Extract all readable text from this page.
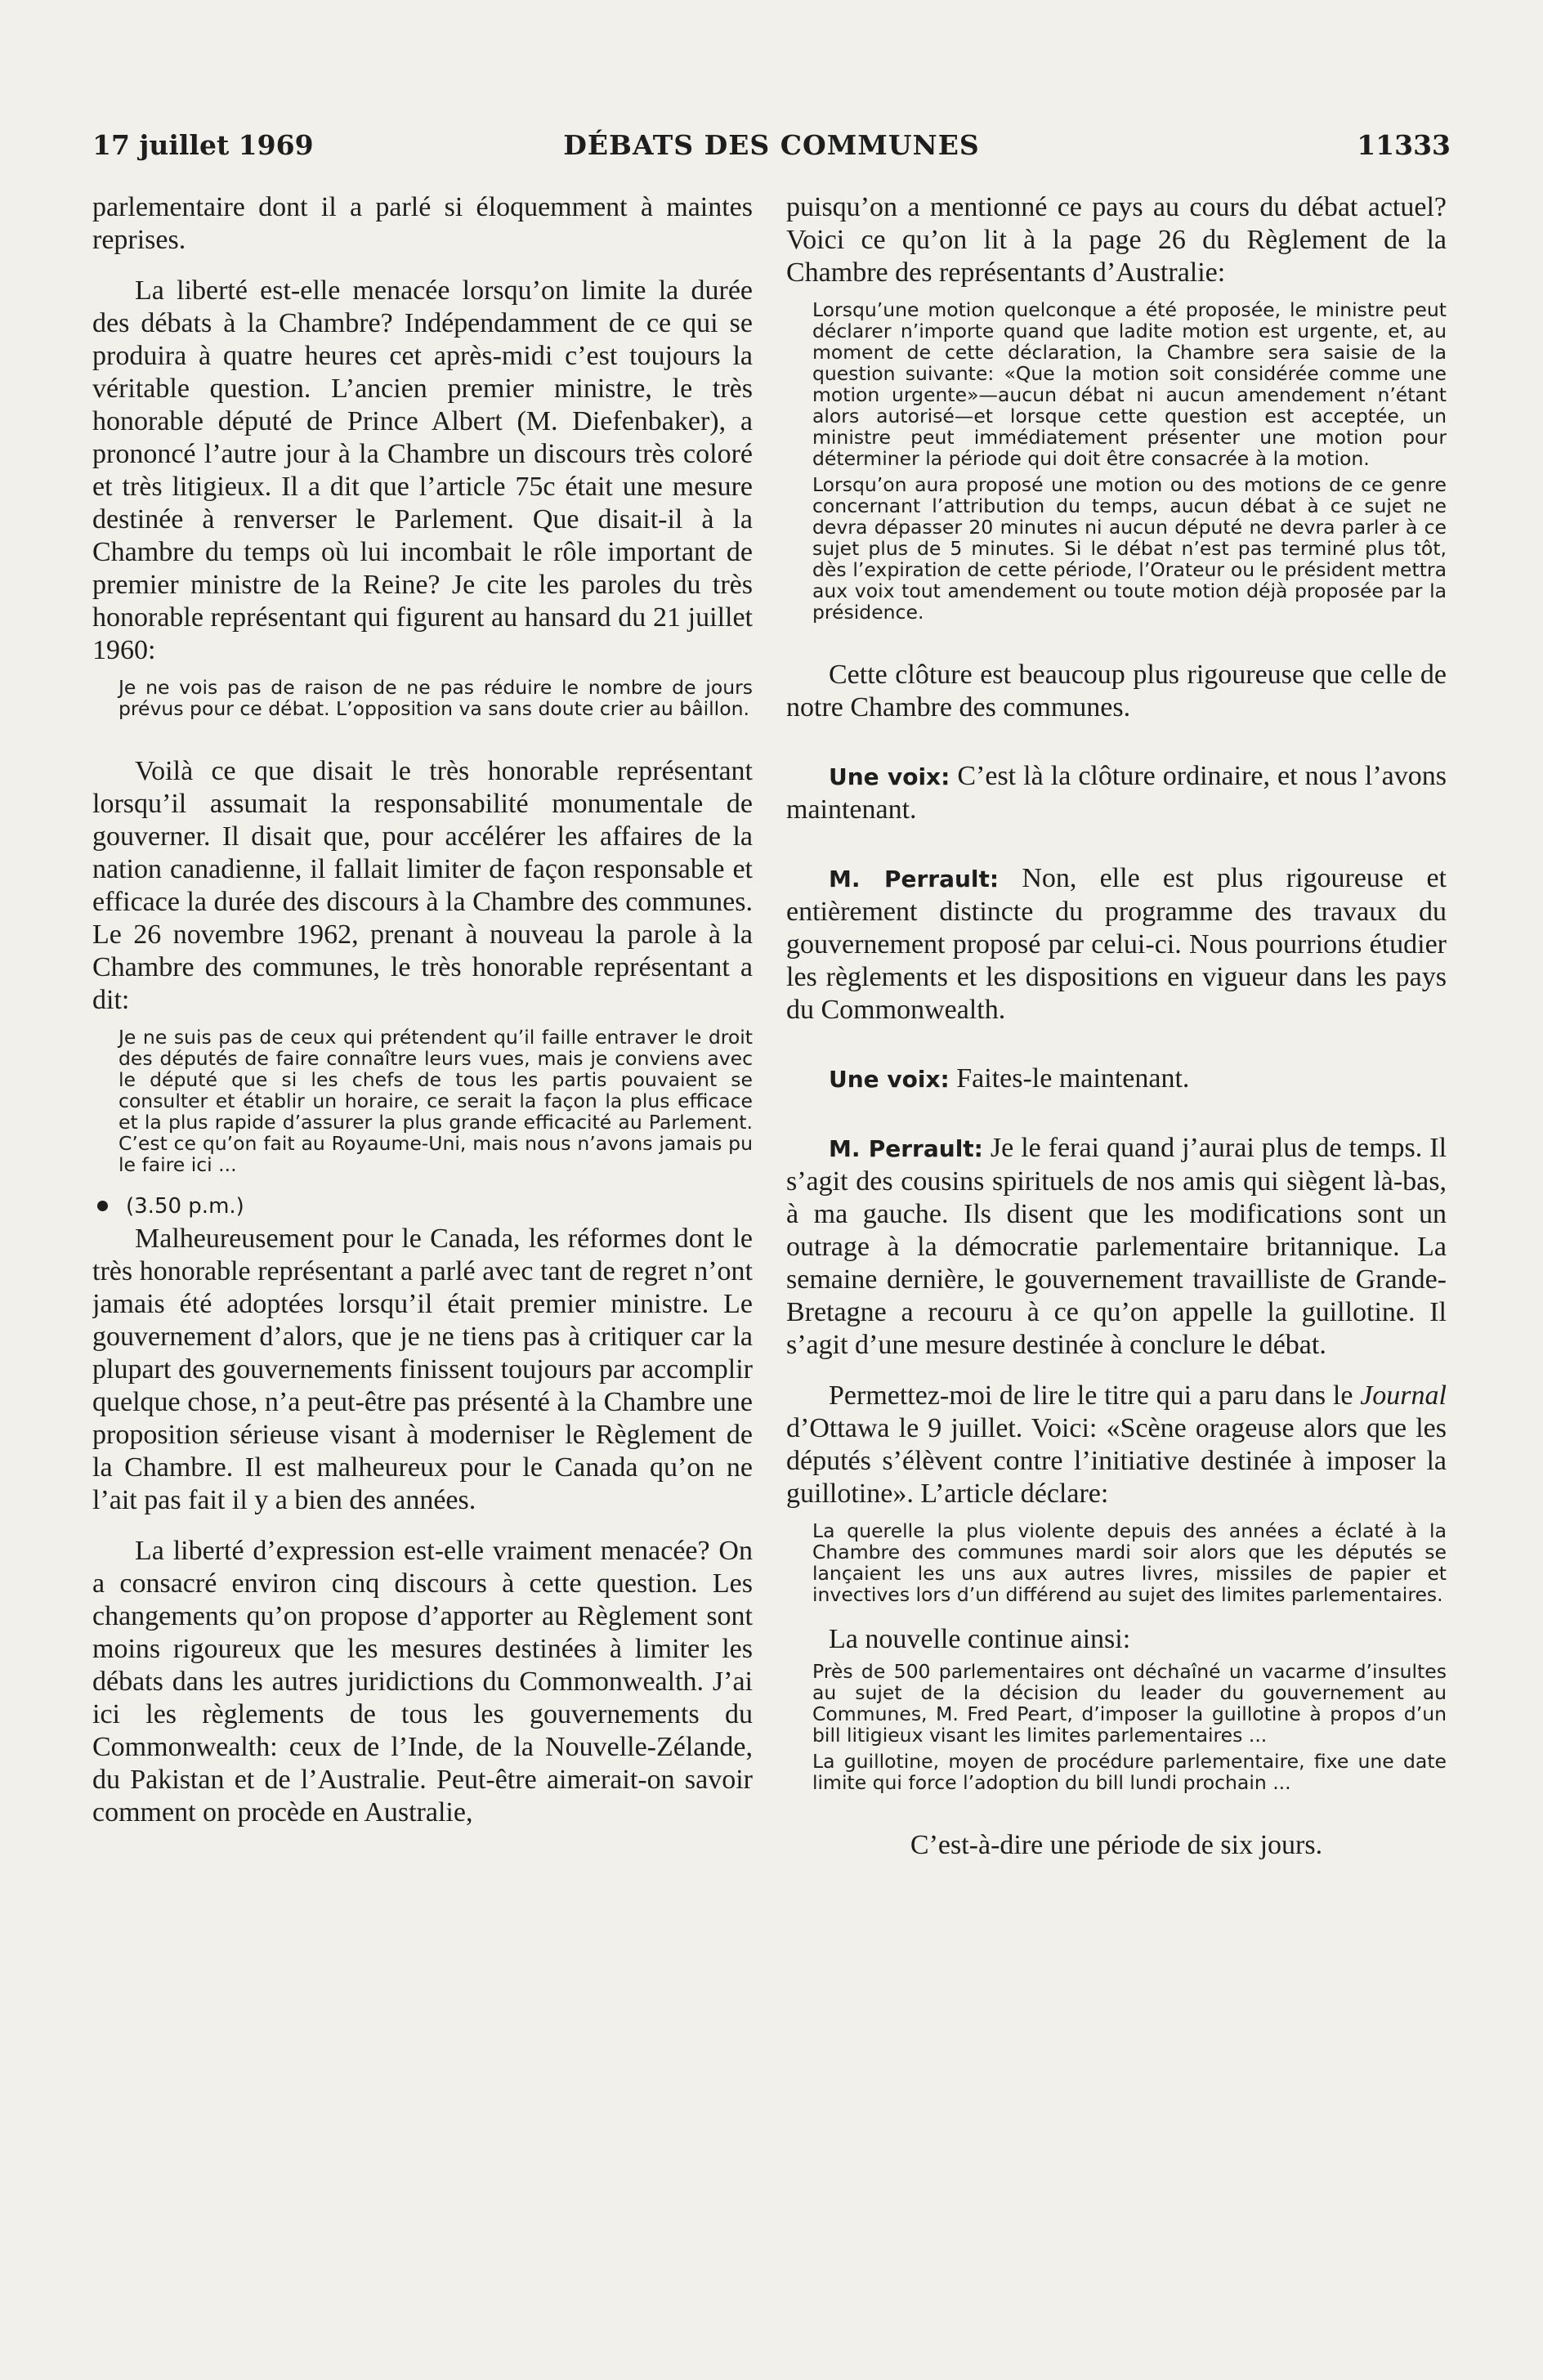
17 juillet 1969	DÉBATS DES COMMUNES	11333

parlementaire dont il a parlé si éloquemment à maintes reprises.

La liberté est-elle menacée lorsqu’on limite la durée des débats à la Chambre? Indépendamment de ce qui se produira à quatre heures cet après-midi c’est toujours la véritable question. L’ancien premier ministre, le très honorable député de Prince Albert (M. Diefenbaker), a prononcé l’autre jour à la Chambre un discours très coloré et très litigieux. Il a dit que l’article 75c était une mesure destinée à renverser le Parlement. Que disait-il à la Chambre du temps où lui incombait le rôle important de premier ministre de la Reine? Je cite les paroles du très honorable représentant qui figurent au hansard du 21 juillet 1960:

Je ne vois pas de raison de ne pas réduire le nombre de jours prévus pour ce débat. L’opposition va sans doute crier au bâillon.

Voilà ce que disait le très honorable représentant lorsqu’il assumait la responsabilité monumentale de gouverner. Il disait que, pour accélérer les affaires de la nation canadienne, il fallait limiter de façon responsable et efficace la durée des discours à la Chambre des communes. Le 26 novembre 1962, prenant à nouveau la parole à la Chambre des communes, le très honorable représentant a dit:

Je ne suis pas de ceux qui prétendent qu’il faille entraver le droit des députés de faire connaître leurs vues, mais je conviens avec le député que si les chefs de tous les partis pouvaient se consulter et établir un horaire, ce serait la façon la plus efficace et la plus rapide d’assurer la plus grande efficacité au Parlement. C’est ce qu’on fait au Royaume-Uni, mais nous n’avons jamais pu le faire ici ...

(3.50 p.m.)

Malheureusement pour le Canada, les réformes dont le très honorable représentant a parlé avec tant de regret n’ont jamais été adoptées lorsqu’il était premier ministre. Le gouvernement d’alors, que je ne tiens pas à critiquer car la plupart des gouvernements finissent toujours par accomplir quelque chose, n’a peut-être pas présenté à la Chambre une proposition sérieuse visant à moderniser le Règlement de la Chambre. Il est malheureux pour le Canada qu’on ne l’ait pas fait il y a bien des années.

La liberté d’expression est-elle vraiment menacée? On a consacré environ cinq discours à cette question. Les changements qu’on propose d’apporter au Règlement sont moins rigoureux que les mesures destinées à limiter les débats dans les autres juridictions du Commonwealth. J’ai ici les règlements de tous les gouvernements du Commonwealth: ceux de l’Inde, de la Nouvelle-Zélande, du Pakistan et de l’Australie. Peut-être aimerait-on savoir comment on procède en Australie,

puisqu’on a mentionné ce pays au cours du débat actuel? Voici ce qu’on lit à la page 26 du Règlement de la Chambre des représentants d’Australie:

Lorsqu’une motion quelconque a été proposée, le ministre peut déclarer n’importe quand que ladite motion est urgente, et, au moment de cette déclaration, la Chambre sera saisie de la question suivante: «Que la motion soit considérée comme une motion urgente»—aucun débat ni aucun amendement n’étant alors autorisé—et lorsque cette question est acceptée, un ministre peut immédiatement présenter une motion pour déterminer la période qui doit être consacrée à la motion.

Lorsqu’on aura proposé une motion ou des motions de ce genre concernant l’attribution du temps, aucun débat à ce sujet ne devra dépasser 20 minutes ni aucun député ne devra parler à ce sujet plus de 5 minutes. Si le débat n’est pas terminé plus tôt, dès l’expiration de cette période, l’Orateur ou le président mettra aux voix tout amendement ou toute motion déjà proposée par la présidence.

Cette clôture est beaucoup plus rigoureuse que celle de notre Chambre des communes.

Une voix: C’est là la clôture ordinaire, et nous l’avons maintenant.

M. Perrault: Non, elle est plus rigoureuse et entièrement distincte du programme des travaux du gouvernement proposé par celui-ci. Nous pourrions étudier les règlements et les dispositions en vigueur dans les pays du Commonwealth.

Une voix: Faites-le maintenant.

M. Perrault: Je le ferai quand j’aurai plus de temps. Il s’agit des cousins spirituels de nos amis qui siègent là-bas, à ma gauche. Ils disent que les modifications sont un outrage à la démocratie parlementaire britannique. La semaine dernière, le gouvernement travailliste de Grande-Bretagne a recouru à ce qu’on appelle la guillotine. Il s’agit d’une mesure destinée à conclure le débat.

Permettez-moi de lire le titre qui a paru dans le Journal d’Ottawa le 9 juillet. Voici: «Scène orageuse alors que les députés s’élèvent contre l’initiative destinée à imposer la guillotine». L’article déclare:

La querelle la plus violente depuis des années a éclaté à la Chambre des communes mardi soir alors que les députés se lançaient les uns aux autres livres, missiles de papier et invectives lors d’un différend au sujet des limites parlementaires.

La nouvelle continue ainsi:

Près de 500 parlementaires ont déchaîné un vacarme d’insultes au sujet de la décision du leader du gouvernement au Communes, M. Fred Peart, d’imposer la guillotine à propos d’un bill litigieux visant les limites parlementaires ...

La guillotine, moyen de procédure parlementaire, fixe une date limite qui force l’adoption du bill lundi prochain ...

C’est-à-dire une période de six jours.
